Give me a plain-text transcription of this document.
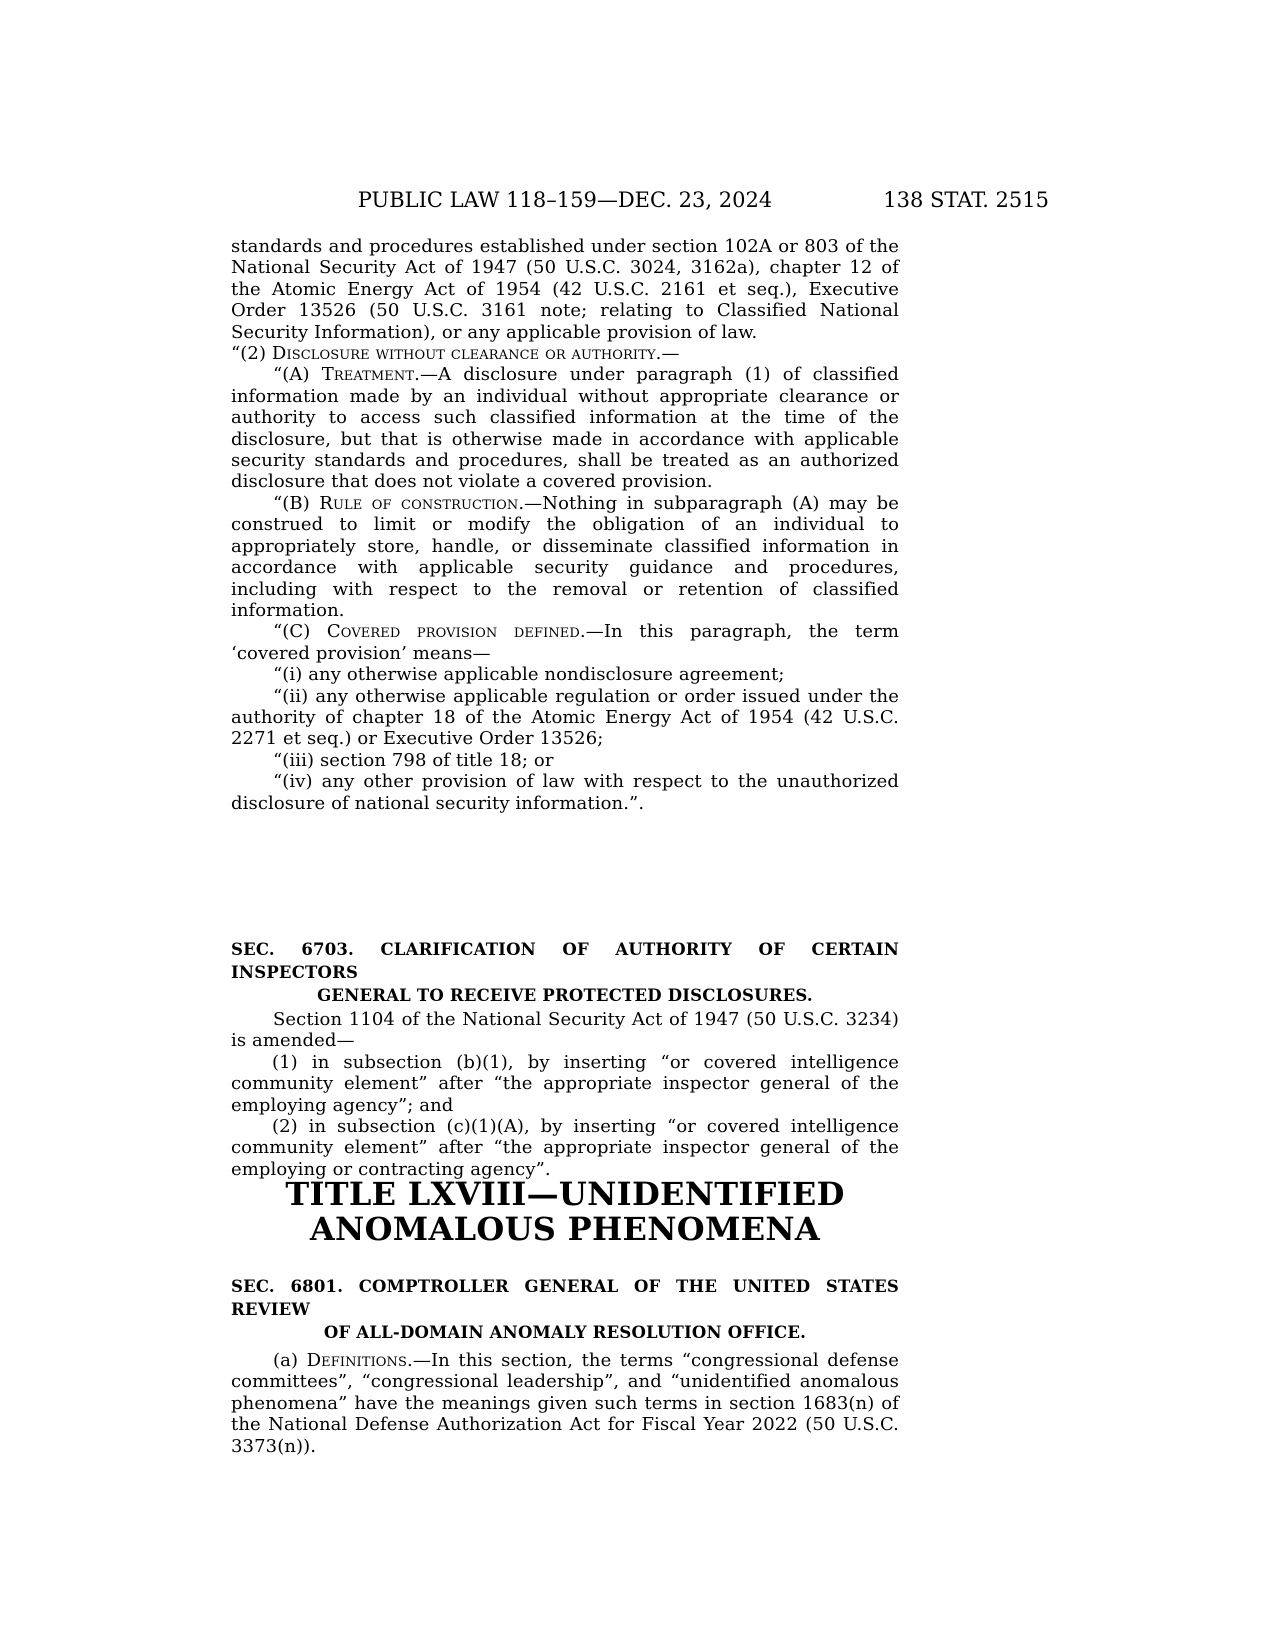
PUBLIC LAW 118–159—DEC. 23, 2024	138 STAT. 2515

standards and procedures established under section 102A or 803 of the National Security Act of 1947 (50 U.S.C. 3024, 3162a), chapter 12 of the Atomic Energy Act of 1954 (42 U.S.C. 2161 et seq.), Executive Order 13526 (50 U.S.C. 3161 note; relating to Classified National Security Information), or any applicable provision of law.

“(2) Disclosure without clearance or authority.—

“(A) Treatment.—A disclosure under paragraph (1) of classified information made by an individual without appropriate clearance or authority to access such classified information at the time of the disclosure, but that is otherwise made in accordance with applicable security standards and procedures, shall be treated as an authorized disclosure that does not violate a covered provision.

“(B) Rule of construction.—Nothing in subparagraph (A) may be construed to limit or modify the obligation of an individual to appropriately store, handle, or disseminate classified information in accordance with applicable security guidance and procedures, including with respect to the removal or retention of classified information.

“(C) Covered provision defined.—In this paragraph, the term ‘covered provision’ means—

“(i) any otherwise applicable nondisclosure agreement;

“(ii) any otherwise applicable regulation or order issued under the authority of chapter 18 of the Atomic Energy Act of 1954 (42 U.S.C. 2271 et seq.) or Executive Order 13526;

“(iii) section 798 of title 18; or

“(iv) any other provision of law with respect to the unauthorized disclosure of national security information.”.

SEC. 6703. CLARIFICATION OF AUTHORITY OF CERTAIN INSPECTORS
GENERAL TO RECEIVE PROTECTED DISCLOSURES.

Section 1104 of the National Security Act of 1947 (50 U.S.C. 3234) is amended—

(1) in subsection (b)(1), by inserting “or covered intelligence community element” after “the appropriate inspector general of the employing agency”; and

(2) in subsection (c)(1)(A), by inserting “or covered intelligence community element” after “the appropriate inspector general of the employing or contracting agency”.

TITLE LXVIII—UNIDENTIFIED
ANOMALOUS PHENOMENA
SEC. 6801. COMPTROLLER GENERAL OF THE UNITED STATES REVIEW
OF ALL-DOMAIN ANOMALY RESOLUTION OFFICE.

(a) Definitions.—In this section, the terms “congressional defense committees”, “congressional leadership”, and “unidentified anomalous phenomena” have the meanings given such terms in section 1683(n) of the National Defense Authorization Act for Fiscal Year 2022 (50 U.S.C. 3373(n)).
